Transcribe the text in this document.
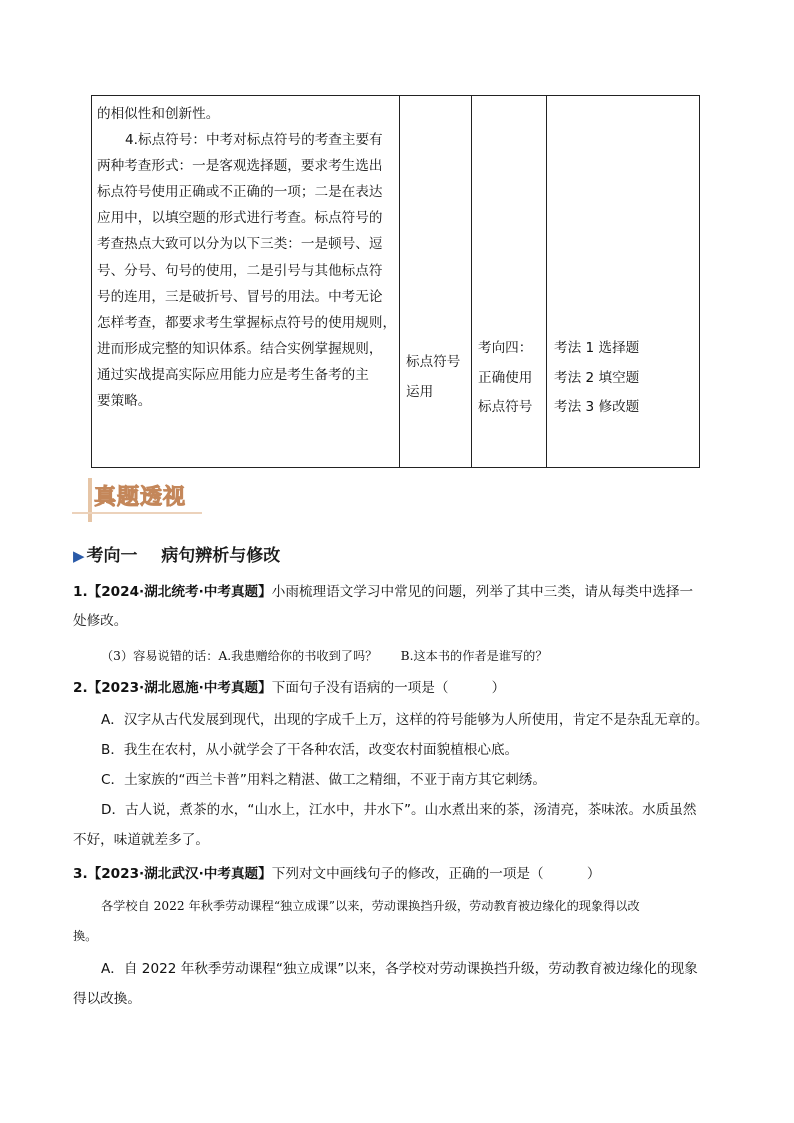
的相似性和创新性。
4.标点符号：中考对标点符号的考查主要有
两种考查形式：一是客观选择题，要求考生选出
标点符号使用正确或不正确的一项；二是在表达
应用中，以填空题的形式进行考查。标点符号的
考查热点大致可以分为以下三类：一是顿号、逗
号、分号、句号的使用，二是引号与其他标点符
号的连用，三是破折号、冒号的用法。中考无论
怎样考查，都要求考生掌握标点符号的使用规则，
进而形成完整的知识体系。结合实例掌握规则，
通过实战提高实际应用能力应是考生备考的主
要策略。
标点符号
运用
考向四：
正确使用
标点符号
考法 1 选择题
考法 2 填空题
考法 3 修改题
真题透视
▶ 考向一    病句辨析与修改
1.【2024·湖北统考·中考真题】小雨梳理语文学习中常见的问题，列举了其中三类，请从每类中选择一
处修改。
（3）容易说错的话：A.我患赠给你的书收到了吗？      B.这本书的作者是谁写的？
2.【2023·湖北恩施·中考真题】下面句子没有语病的一项是（          ）
A．汉字从古代发展到现代，出现的字成千上万，这样的符号能够为人所使用，肯定不是杂乱无章的。
B．我生在农村，从小就学会了干各种农活，改变农村面貌植根心底。
C．土家族的“西兰卡普”用料之精湛、做工之精细，不亚于南方其它刺绣。
D．古人说，煮茶的水，“山水上，江水中，井水下”。山水煮出来的茶，汤清亮，茶味浓。水质虽然
不好，味道就差多了。
3.【2023·湖北武汉·中考真题】下列对文中画线句子的修改，正确的一项是（          ）
各学校自 2022 年秋季劳动课程“独立成课”以来，劳动课换挡升级，劳动教育被边缘化的现象得以改
換。
A．自 2022 年秋季劳动课程“独立成课”以来，各学校对劳动课换挡升级，劳动教育被边缘化的现象
得以改換。
